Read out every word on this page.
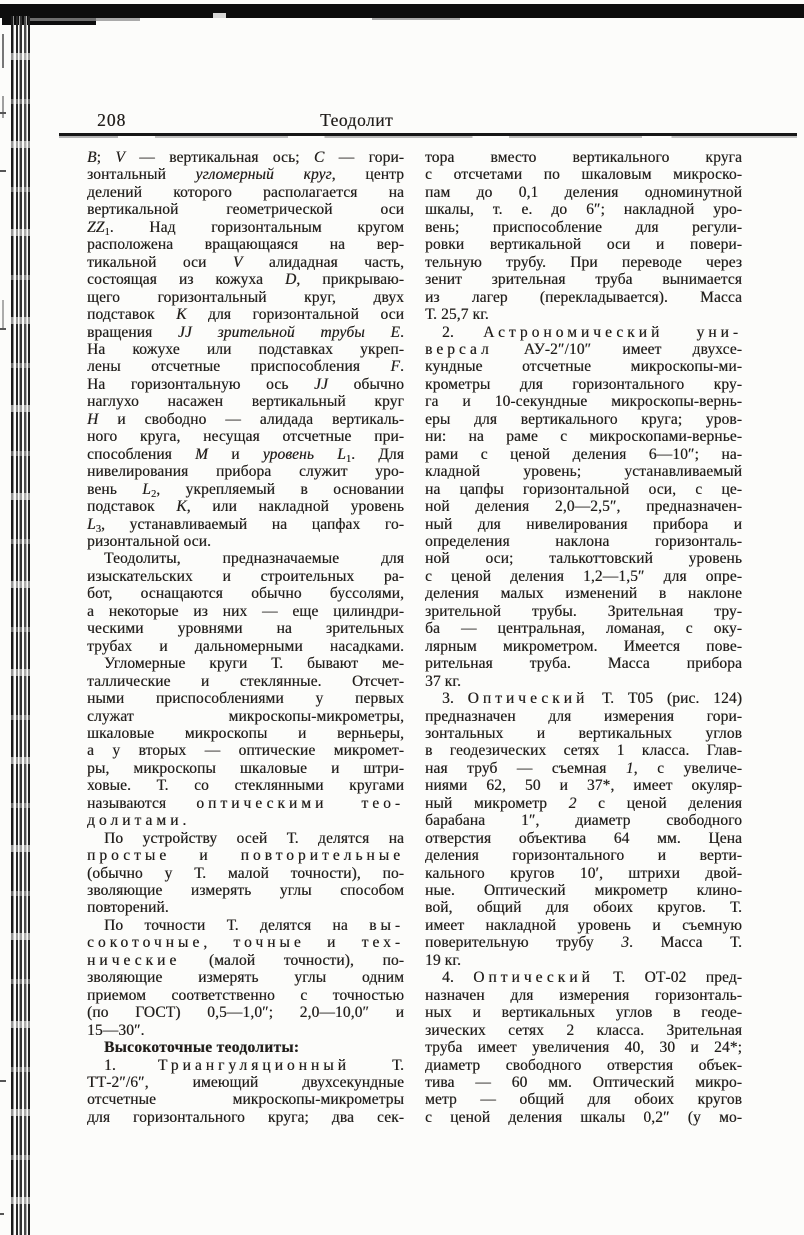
208	Теодолит
В; V — вертикальная ось; С — гори-
зонтальный угломерный круг, центр
делений которого располагается на
вертикальной геометрической оси
$ZZ_1$. Над горизонтальным кругом
расположена вращающаяся на вер-
тикальной оси V алидадная часть,
состоящая из кожуха D, прикрываю-
щего горизонтальный круг, двух
подставок К для горизонтальной оси
вращения JJ зрительной трубы Е.
На кожухе или подставках укреп-
лены отсчетные приспособления F.
На горизонтальную ось JJ обычно
наглухо насажен вертикальный круг
Н и свободно — алидада вертикаль-
ного круга, несущая отсчетные при-
способления М и уровень $L_1$. Для
нивелирования прибора служит уро-
вень $L_2$, укрепляемый в основании
подставок К, или накладной уровень
$L_3$, устанавливаемый на цапфах го-
ризонтальной оси.
Теодолиты, предназначаемые для
изыскательских и строительных ра-
бот, оснащаются обычно буссолями,
а некоторые из них — еще цилиндри-
ческими уровнями на зрительных
трубах и дальномерными насадками.
Угломерные круги Т. бывают ме-
таллические и стеклянные. Отсчет-
ными приспособлениями у первых
служат микроскопы-микрометры,
шкаловые микроскопы и верньеры,
а у вторых — оптические микромет-
ры, микроскопы шкаловые и штри-
ховые. Т. со стеклянными кругами
называются оптическими тео-
долитами.
По устройству осей Т. делятся на
простые и повторительные
(обычно у Т. малой точности), по-
зволяющие измерять углы способом
повторений.
По точности Т. делятся на вы-
сокоточные, точные и тех-
нические (малой точности), по-
зволяющие измерять углы одним
приемом соответственно с точностью
(по ГОСТ) 0,5—1,0″; 2,0—10,0″ и
15—30″.
Высокоточные теодолиты:
1. Триангуляционный Т.
ТТ-2″/6″, имеющий двухсекундные
отсчетные микроскопы-микрометры
для горизонтального круга; два сек-
тора вместо вертикального круга
с отсчетами по шкаловым микроско-
пам до 0,1 деления одноминутной
шкалы, т. е. до 6″; накладной уро-
вень; приспособление для регули-
ровки вертикальной оси и повери-
тельную трубу. При переводе через
зенит зрительная труба вынимается
из лагер (перекладывается). Масса
Т. 25,7 кг.
2. Астрономический уни-
версал АУ-2″/10″ имеет двухсе-
кундные отсчетные микроскопы-ми-
крометры для горизонтального кру-
га и 10-секундные микроскопы-вернь-
еры для вертикального круга; уров-
ни: на раме с микроскопами-вернье-
рами с ценой деления 6—10″; на-
кладной уровень; устанавливаемый
на цапфы горизонтальной оси, с це-
ной деления 2,0—2,5″, предназначен-
ный для нивелирования прибора и
определения наклона горизонталь-
ной оси; талькоттовский уровень
с ценой деления 1,2—1,5″ для опре-
деления малых изменений в наклоне
зрительной трубы. Зрительная тру-
ба — центральная, ломаная, с оку-
лярным микрометром. Имеется пове-
рительная труба. Масса прибора
37 кг.
3. Оптический Т. Т05 (рис. 124)
предназначен для измерения гори-
зонтальных и вертикальных углов
в геодезических сетях 1 класса. Глав-
ная труб — съемная 1, с увеличе-
ниями 62, 50 и 37*, имеет окуляр-
ный микрометр 2 с ценой деления
барабана 1″, диаметр свободного
отверстия объектива 64 мм. Цена
деления горизонтального и верти-
кального кругов 10′, штрихи двой-
ные. Оптический микрометр клино-
вой, общий для обоих кругов. Т.
имеет накладной уровень и съемную
поверительную трубу 3. Масса Т.
19 кг.
4. Оптический Т. ОТ-02 пред-
назначен для измерения горизонталь-
ных и вертикальных углов в геоде-
зических сетях 2 класса. Зрительная
труба имеет увеличения 40, 30 и 24*;
диаметр свободного отверстия объек-
тива — 60 мм. Оптический микро-
метр — общий для обоих кругов
с ценой деления шкалы 0,2″ (у мо-
